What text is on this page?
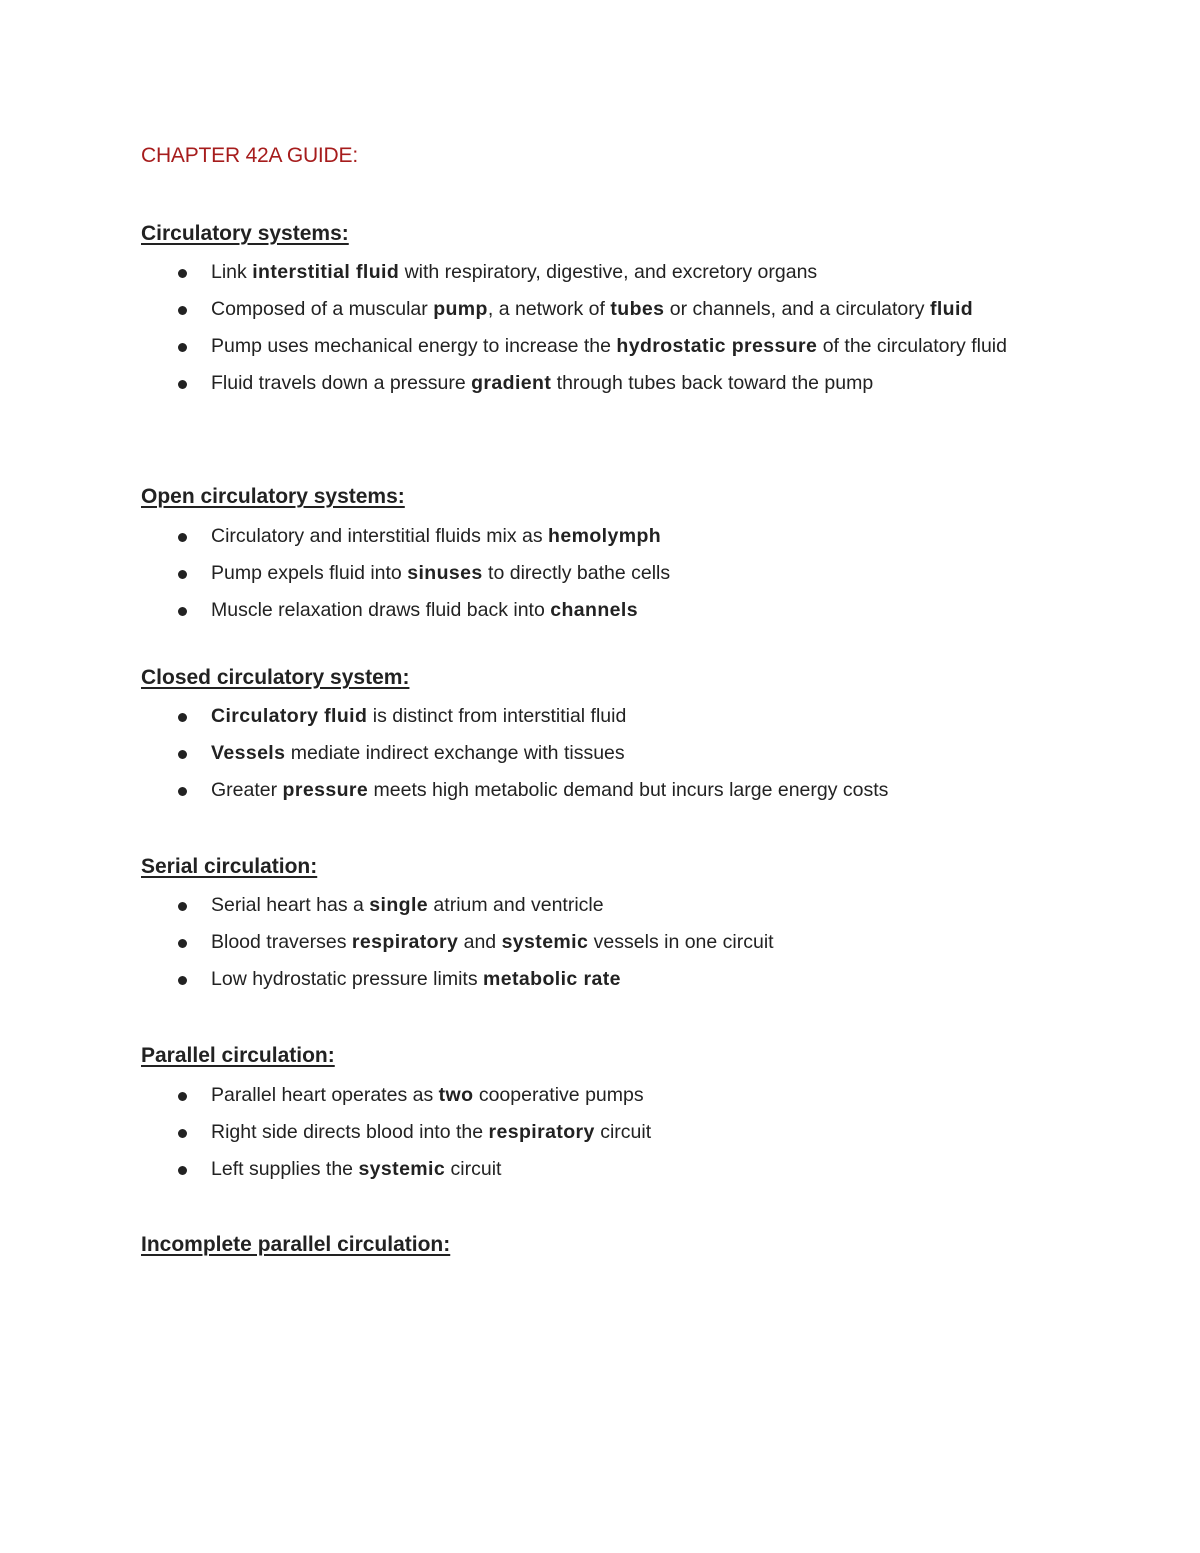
CHAPTER 42A GUIDE:
Circulatory systems:
Link interstitial fluid with respiratory, digestive, and excretory organs
Composed of a muscular pump, a network of tubes or channels, and a circulatory fluid
Pump uses mechanical energy to increase the hydrostatic pressure of the circulatory fluid
Fluid travels down a pressure gradient through tubes back toward the pump
Open circulatory systems:
Circulatory and interstitial fluids mix as hemolymph
Pump expels fluid into sinuses to directly bathe cells
Muscle relaxation draws fluid back into channels
Closed circulatory system:
Circulatory fluid is distinct from interstitial fluid
Vessels mediate indirect exchange with tissues
Greater pressure meets high metabolic demand but incurs large energy costs
Serial circulation:
Serial heart has a single atrium and ventricle
Blood traverses respiratory and systemic vessels in one circuit
Low hydrostatic pressure limits metabolic rate
Parallel circulation:
Parallel heart operates as two cooperative pumps
Right side directs blood into the respiratory circuit
Left supplies the systemic circuit
Incomplete parallel circulation:
